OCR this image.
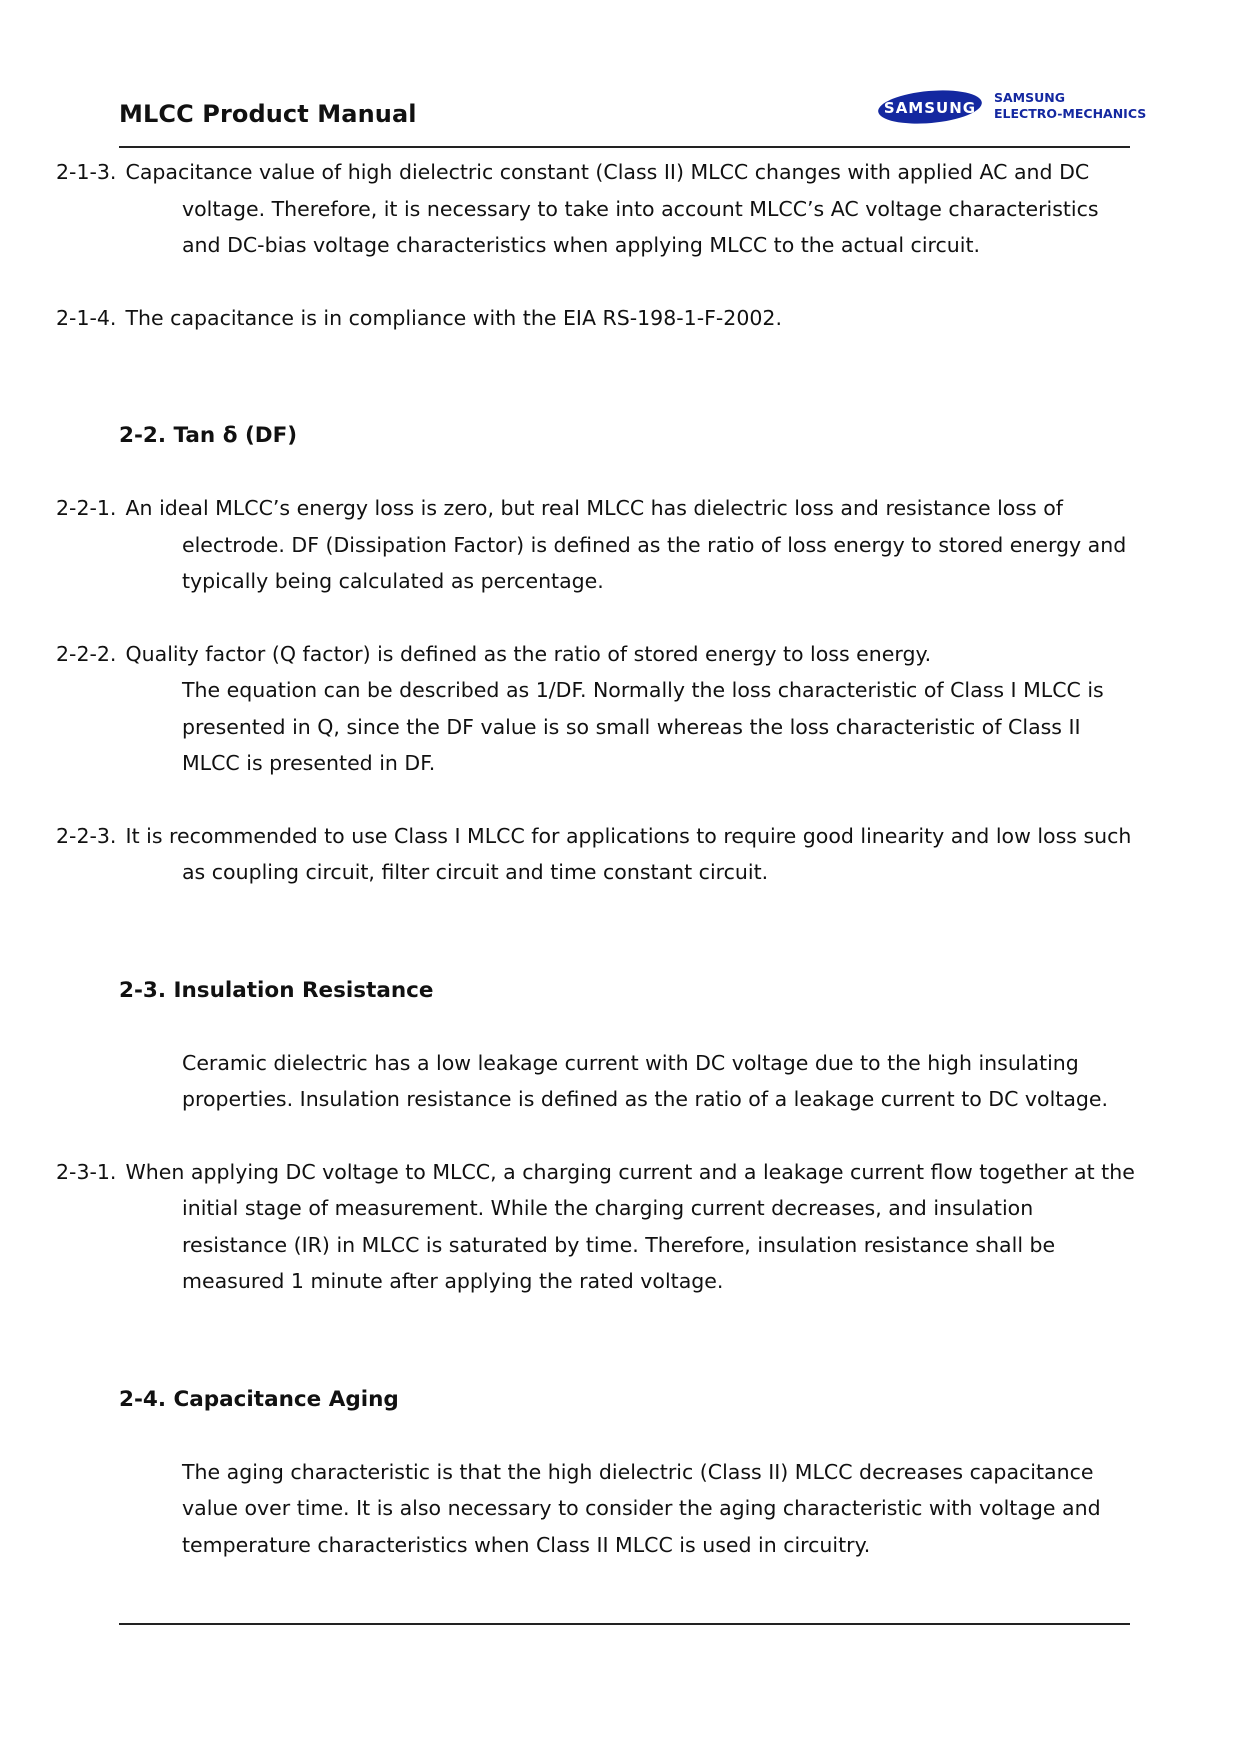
MLCC Product Manual	SAMSUNG
SAMSUNG
ELECTRO-MECHANICS

2-1-3. Capacitance value of high dielectric constant (Class II) MLCC changes with applied AC and DC voltage. Therefore, it is necessary to take into account MLCC’s AC voltage characteristics and DC-bias voltage characteristics when applying MLCC to the actual circuit.

2-1-4. The capacitance is in compliance with the EIA RS-198-1-F-2002.

2-2. Tan δ (DF)

2-2-1. An ideal MLCC’s energy loss is zero, but real MLCC has dielectric loss and resistance loss of electrode. DF (Dissipation Factor) is defined as the ratio of loss energy to stored energy and typically being calculated as percentage.

2-2-2. Quality factor (Q factor) is defined as the ratio of stored energy to loss energy.

The equation can be described as 1/DF. Normally the loss characteristic of Class I MLCC is presented in Q, since the DF value is so small whereas the loss characteristic of Class II MLCC is presented in DF.

2-2-3. It is recommended to use Class I MLCC for applications to require good linearity and low loss such as coupling circuit, filter circuit and time constant circuit.

2-3. Insulation Resistance

Ceramic dielectric has a low leakage current with DC voltage due to the high insulating properties. Insulation resistance is defined as the ratio of a leakage current to DC voltage.

2-3-1. When applying DC voltage to MLCC, a charging current and a leakage current flow together at the initial stage of measurement. While the charging current decreases, and insulation resistance (IR) in MLCC is saturated by time. Therefore, insulation resistance shall be measured 1 minute after applying the rated voltage.

2-4. Capacitance Aging

The aging characteristic is that the high dielectric (Class II) MLCC decreases capacitance value over time. It is also necessary to consider the aging characteristic with voltage and temperature characteristics when Class II MLCC is used in circuitry.
